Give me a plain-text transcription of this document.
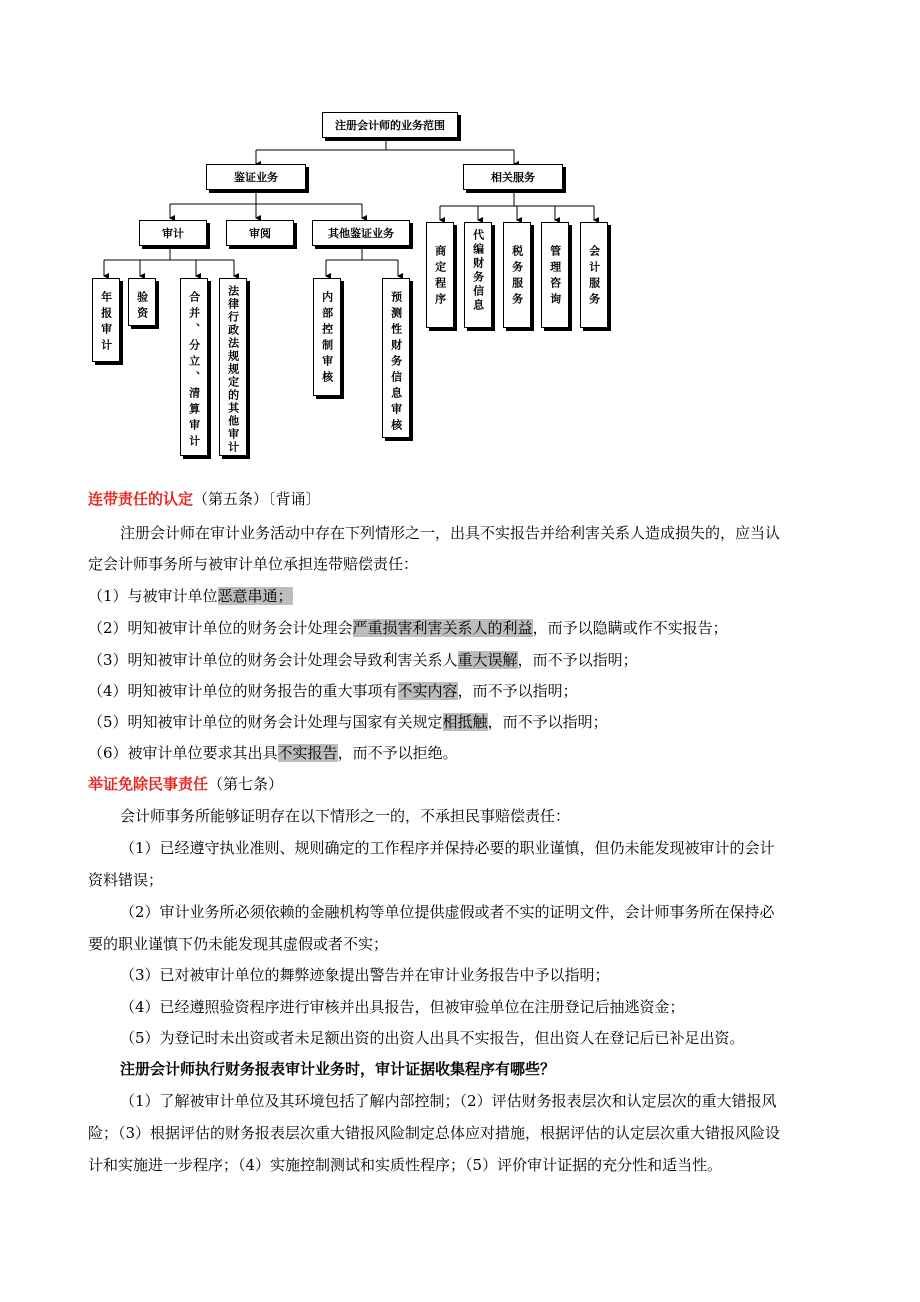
注册会计师的业务范围
鉴证业务	相关服务
审计	审阅	其他鉴证业务
年报审计 验资	合并、分立、清算审计 法律行政法规规定的其他审计	内部控制审核	预测性财务信息审核
商定程序 代编财务信息 税务服务 管理咨询 会计服务
连带责任的认定（第五条）〔背诵〕
注册会计师在审计业务活动中存在下列情形之一，出具不实报告并给利害关系人造成损失的，应当认
定会计师事务所与被审计单位承担连带赔偿责任：
（1）与被审计单位恶意串通；
（2）明知被审计单位的财务会计处理会严重损害利害关系人的利益，而予以隐瞒或作不实报告；
（3）明知被审计单位的财务会计处理会导致利害关系人重大误解，而不予以指明；
（4）明知被审计单位的财务报告的重大事项有不实内容，而不予以指明；
（5）明知被审计单位的财务会计处理与国家有关规定相抵触，而不予以指明；
（6）被审计单位要求其出具不实报告，而不予以拒绝。
举证免除民事责任（第七条）
会计师事务所能够证明存在以下情形之一的，不承担民事赔偿责任：
（1）已经遵守执业准则、规则确定的工作程序并保持必要的职业谨慎，但仍未能发现被审计的会计
资料错误；
（2）审计业务所必须依赖的金融机构等单位提供虚假或者不实的证明文件，会计师事务所在保持必
要的职业谨慎下仍未能发现其虚假或者不实；
（3）已对被审计单位的舞弊迹象提出警告并在审计业务报告中予以指明；
（4）已经遵照验资程序进行审核并出具报告，但被审验单位在注册登记后抽逃资金；
（5）为登记时未出资或者未足额出资的出资人出具不实报告，但出资人在登记后已补足出资。
注册会计师执行财务报表审计业务时，审计证据收集程序有哪些？
（1）了解被审计单位及其环境包括了解内部控制；（2）评估财务报表层次和认定层次的重大错报风
险；（3）根据评估的财务报表层次重大错报风险制定总体应对措施，根据评估的认定层次重大错报风险设
计和实施进一步程序；（4）实施控制测试和实质性程序；（5）评价审计证据的充分性和适当性。
